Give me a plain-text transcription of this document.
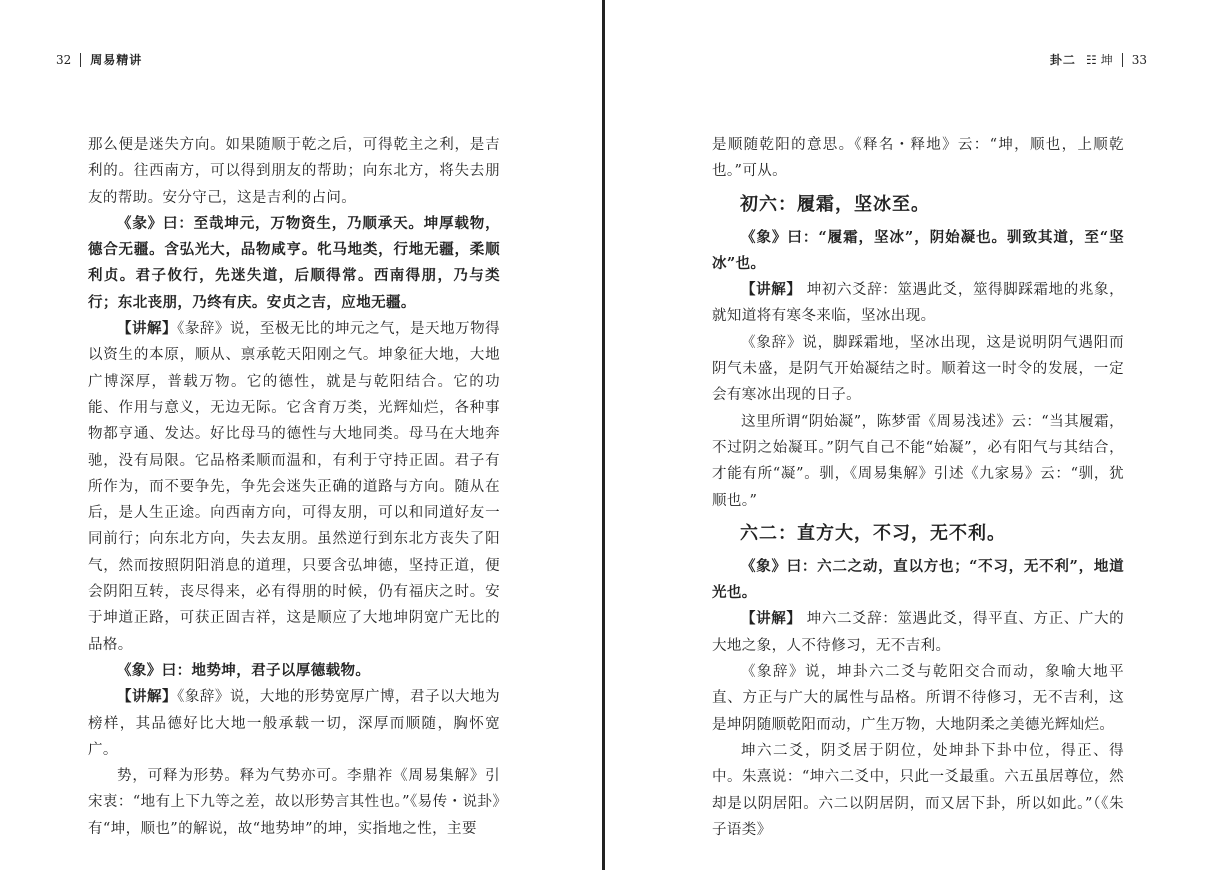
32 周易精讲

那么便是迷失方向。如果随顺于乾之后，可得乾主之利，是吉利的。往西南方，可以得到朋友的帮助；向东北方，将失去朋友的帮助。安分守己，这是吉利的占问。

《彖》曰：至哉坤元，万物资生，乃顺承天。坤厚载物，德合无疆。含弘光大，品物咸亨。牝马地类，行地无疆，柔顺利贞。君子攸行，先迷失道，后顺得常。西南得朋，乃与类行；东北丧朋，乃终有庆。安贞之吉，应地无疆。

【讲解】《彖辞》说，至极无比的坤元之气，是天地万物得以资生的本原，顺从、禀承乾天阳刚之气。坤象征大地，大地广博深厚，普载万物。它的德性，就是与乾阳结合。它的功能、作用与意义，无边无际。它含育万类，光辉灿烂，各种事物都亨通、发达。好比母马的德性与大地同类。母马在大地奔驰，没有局限。它品格柔顺而温和，有利于守持正固。君子有所作为，而不要争先，争先会迷失正确的道路与方向。随从在后，是人生正途。向西南方向，可得友朋，可以和同道好友一同前行；向东北方向，失去友朋。虽然逆行到东北方丧失了阳气，然而按照阴阳消息的道理，只要含弘坤德，坚持正道，便会阴阳互转，丧尽得来，必有得朋的时候，仍有福庆之时。安于坤道正路，可获正固吉祥，这是顺应了大地坤阴宽广无比的品格。

《象》曰：地势坤，君子以厚德载物。

【讲解】《象辞》说，大地的形势宽厚广博，君子以大地为榜样，其品德好比大地一般承载一切，深厚而顺随，胸怀宽广。

势，可释为形势。释为气势亦可。李鼎祚《周易集解》引宋衷：“地有上下九等之差，故以形势言其性也。”《易传・说卦》有“坤，顺也”的解说，故“地势坤”的坤，实指地之性，主要

卦二 ☷ 坤 33

是顺随乾阳的意思。《释名・释地》云：“坤，顺也，上顺乾也。”可从。

初六：履霜，坚冰至。

《象》曰：“履霜，坚冰”，阴始凝也。驯致其道，至“坚冰”也。

【讲解】 坤初六爻辞：筮遇此爻，筮得脚踩霜地的兆象，就知道将有寒冬来临，坚冰出现。

《象辞》说，脚踩霜地，坚冰出现，这是说明阴气遇阳而阴气未盛，是阴气开始凝结之时。顺着这一时令的发展，一定会有寒冰出现的日子。

这里所谓“阴始凝”，陈梦雷《周易浅述》云：“当其履霜，不过阴之始凝耳。”阴气自己不能“始凝”，必有阳气与其结合，才能有所“凝”。驯，《周易集解》引述《九家易》云：“驯，犹顺也。”

六二：直方大，不习，无不利。

《象》曰：六二之动，直以方也；“不习，无不利”，地道光也。

【讲解】 坤六二爻辞：筮遇此爻，得平直、方正、广大的大地之象，人不待修习，无不吉利。

《象辞》说，坤卦六二爻与乾阳交合而动，象喻大地平直、方正与广大的属性与品格。所谓不待修习，无不吉利，这是坤阴随顺乾阳而动，广生万物，大地阴柔之美德光辉灿烂。

坤六二爻，阴爻居于阴位，处坤卦下卦中位，得正、得中。朱熹说：“坤六二爻中，只此一爻最重。六五虽居尊位，然却是以阴居阳。六二以阴居阴，而又居下卦，所以如此。”（《朱子语类》
